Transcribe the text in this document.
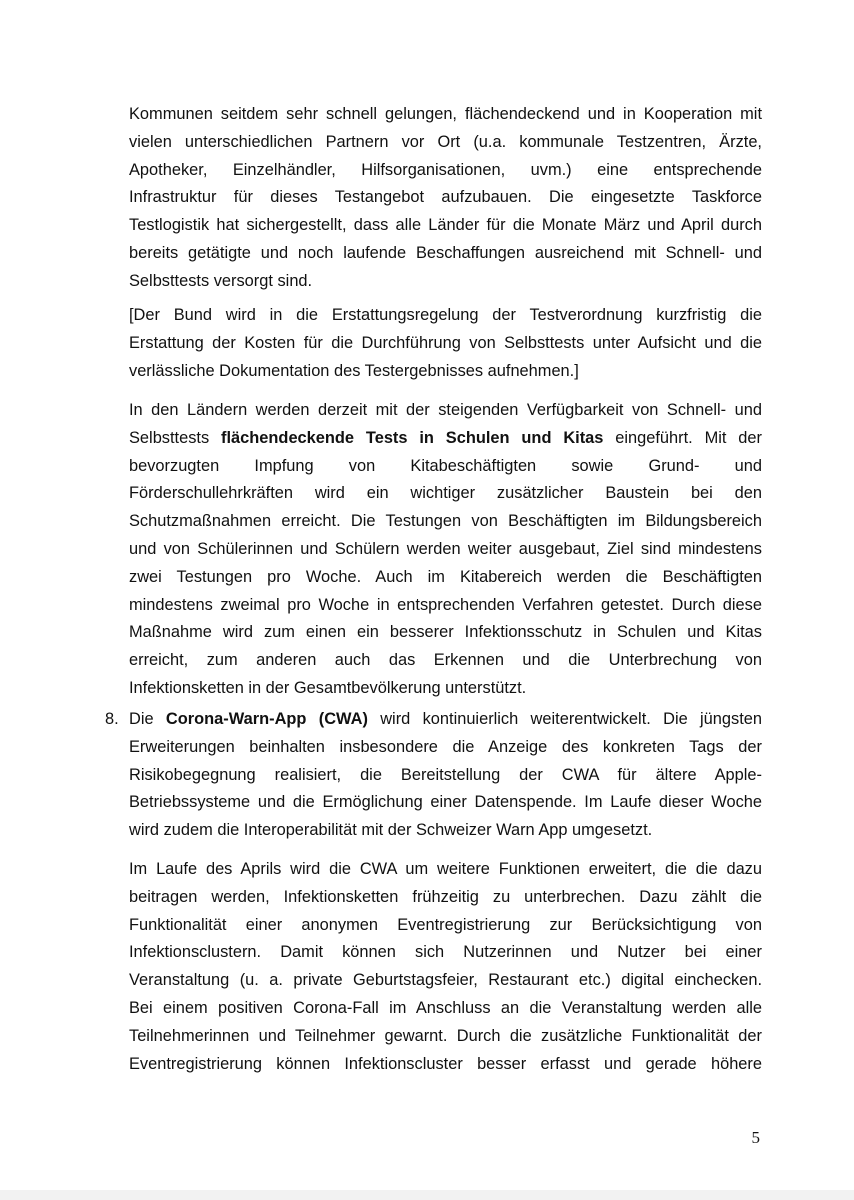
Kommunen seitdem sehr schnell gelungen, flächendeckend und in Kooperation mit
vielen unterschiedlichen Partnern vor Ort (u.a. kommunale Testzentren, Ärzte,
Apotheker, Einzelhändler, Hilfsorganisationen, uvm.) eine entsprechende
Infrastruktur für dieses Testangebot aufzubauen. Die eingesetzte Taskforce
Testlogistik hat sichergestellt, dass alle Länder für die Monate März und April durch
bereits getätigte und noch laufende Beschaffungen ausreichend mit Schnell- und
Selbsttests versorgt sind.
[Der Bund wird in die Erstattungsregelung der Testverordnung kurzfristig die
Erstattung der Kosten für die Durchführung von Selbsttests unter Aufsicht und die
verlässliche Dokumentation des Testergebnisses aufnehmen.]
In den Ländern werden derzeit mit der steigenden Verfügbarkeit von Schnell- und
Selbsttests flächendeckende Tests in Schulen und Kitas eingeführt. Mit der
bevorzugten Impfung von Kitabeschäftigten sowie Grund- und
Förderschullehrkräften wird ein wichtiger zusätzlicher Baustein bei den
Schutzmaßnahmen erreicht. Die Testungen von Beschäftigten im Bildungsbereich
und von Schülerinnen und Schülern werden weiter ausgebaut, Ziel sind mindestens
zwei Testungen pro Woche. Auch im Kitabereich werden die Beschäftigten
mindestens zweimal pro Woche in entsprechenden Verfahren getestet. Durch diese
Maßnahme wird zum einen ein besserer Infektionsschutz in Schulen und Kitas
erreicht, zum anderen auch das Erkennen und die Unterbrechung von
Infektionsketten in der Gesamtbevölkerung unterstützt.
8. Die Corona-Warn-App (CWA) wird kontinuierlich weiterentwickelt. Die jüngsten
Erweiterungen beinhalten insbesondere die Anzeige des konkreten Tags der
Risikobegegnung realisiert, die Bereitstellung der CWA für ältere Apple-
Betriebssysteme und die Ermöglichung einer Datenspende. Im Laufe dieser Woche
wird zudem die Interoperabilität mit der Schweizer Warn App umgesetzt.
Im Laufe des Aprils wird die CWA um weitere Funktionen erweitert, die die dazu
beitragen werden, Infektionsketten frühzeitig zu unterbrechen. Dazu zählt die
Funktionalität einer anonymen Eventregistrierung zur Berücksichtigung von
Infektionsclustern. Damit können sich Nutzerinnen und Nutzer bei einer
Veranstaltung (u. a. private Geburtstagsfeier, Restaurant etc.) digital einchecken.
Bei einem positiven Corona-Fall im Anschluss an die Veranstaltung werden alle
Teilnehmerinnen und Teilnehmer gewarnt. Durch die zusätzliche Funktionalität der
Eventregistrierung können Infektionscluster besser erfasst und gerade höhere
5
